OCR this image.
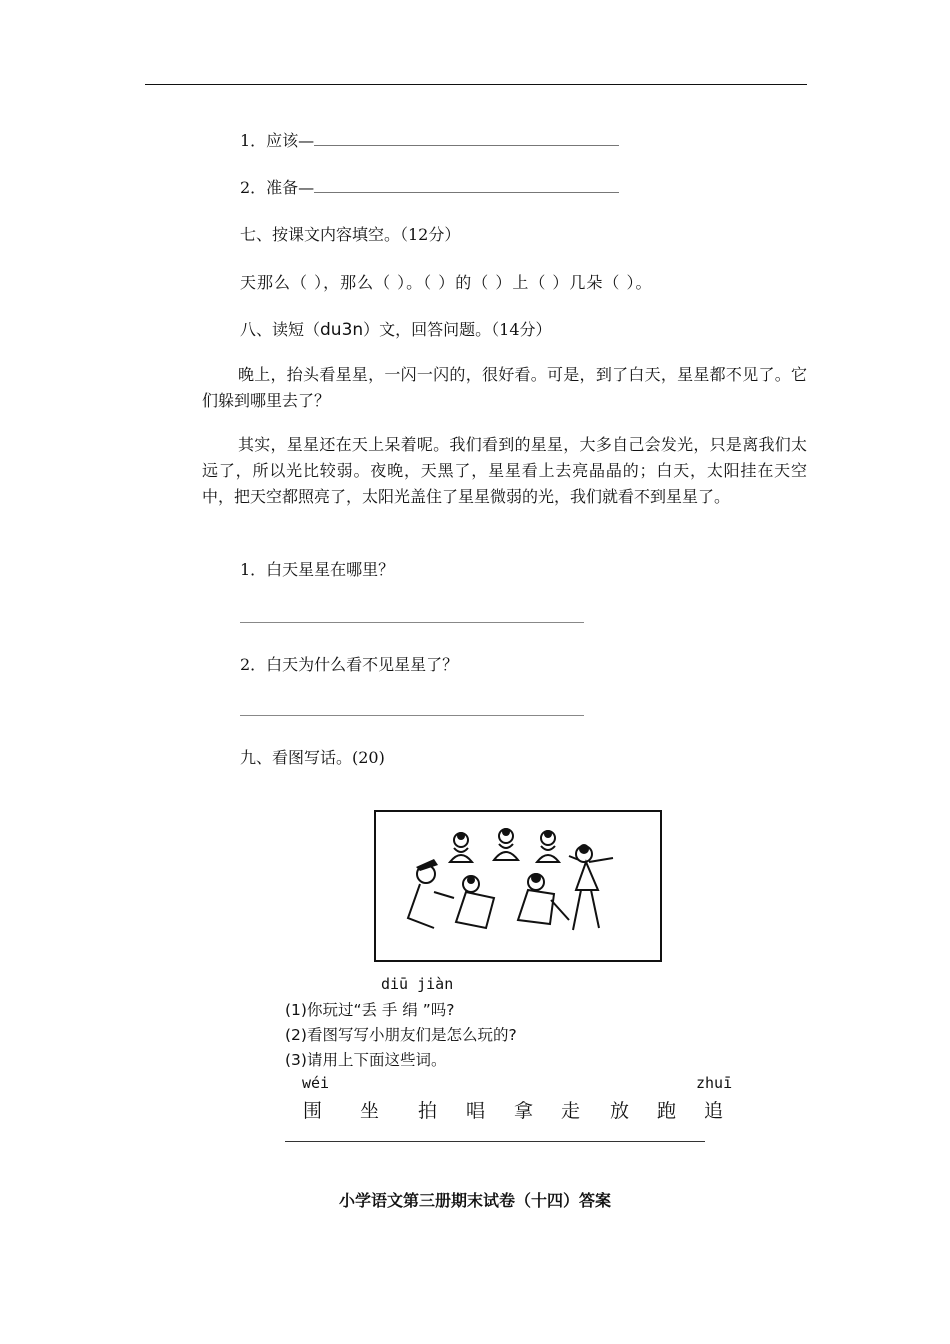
1．应该—
2．准备—
七、按课文内容填空。（12分）
天那么（ ），那么（ ）。（ ）的（ ）上（ ）几朵（ ）。
八、读短（du3n）文，回答问题。（14分）
晚上，抬头看星星，一闪一闪的，很好看。可是，到了白天，星星都不见了。它们躲到哪里去了？
其实，星星还在天上呆着呢。我们看到的星星，大多自己会发光，只是离我们太远了，所以光比较弱。夜晚，天黑了，星星看上去亮晶晶的；白天，太阳挂在天空中，把天空都照亮了，太阳光盖住了星星微弱的光，我们就看不到星星了。
1．白天星星在哪里？
2．白天为什么看不见星星了？
九、看图写话。(20)
diū jiàn
(1)你玩过“丢 手 绢 ”吗?
(2)看图写写小朋友们是怎么玩的?
(3)请用上下面这些词。
wéi	zhuī
围 坐 拍 唱 拿 走 放 跑 追
小学语文第三册期末试卷（十四）答案
